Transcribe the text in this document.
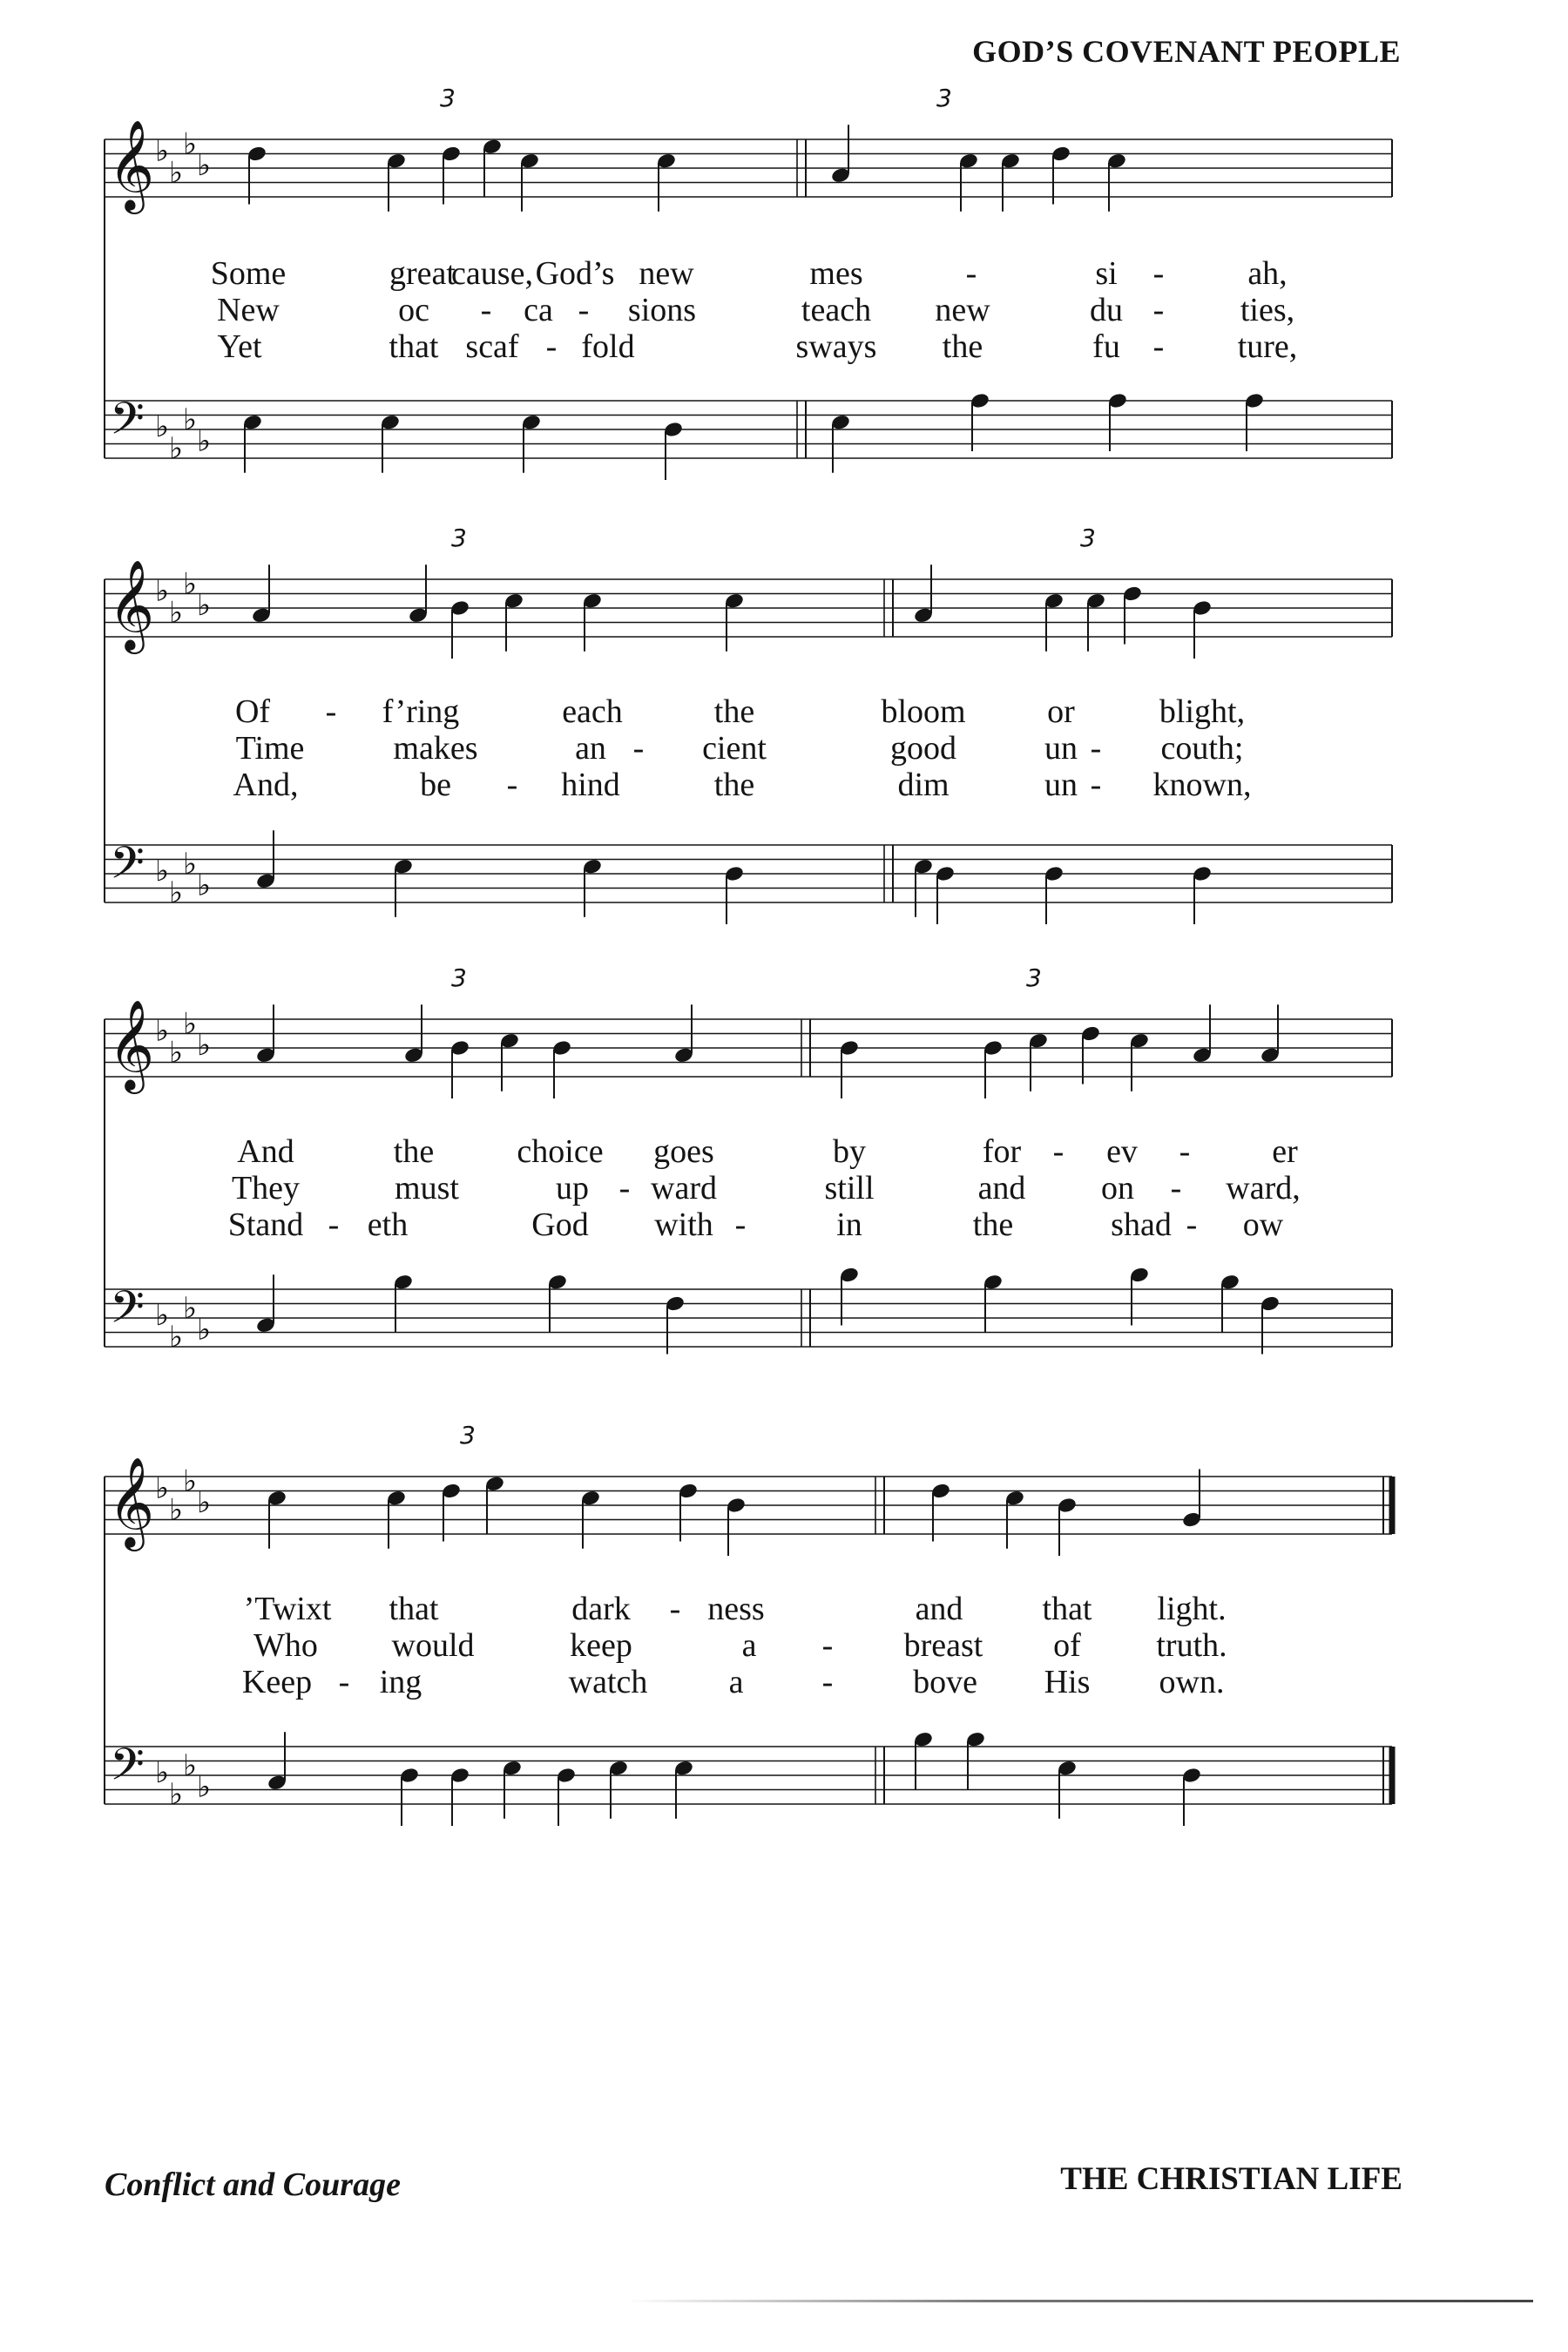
GOD’S COVENANT PEOPLE
𝄞
𝄢
♭
♭
♭
♭
♭
♭
♭
♭
3	3
𝄞
𝄢
♭
♭
♭
♭
♭
♭
♭
♭
3	3
𝄞
𝄢
♭
♭
♭
♭
♭
♭
♭
♭
3	3
𝄞
𝄢
♭
♭
♭
♭
♭
♭
♭
♭
3
Some	great
cause, God’s new	mes	-	si -	ah,
New	oc - ca - sions	teach new	du - ties,
Yet	that scaf - fold	sways the	fu - ture,
Of - f’ring	each	the	bloom or	blight,
Time	makes	an - cient	good	un - couth;
And,	be - hind	the	dim	un - known,
And	the	choice goes	by	for - ev - er
They	must	up - ward	still	and on - ward,
Stand - eth	God with -	in	the	shad - ow
’Twixt that	dark - ness	and that light.
Who would	keep	a - breast of truth.
Keep - ing	watch a - bove His own.
Conflict and Courage	THE CHRISTIAN LIFE
